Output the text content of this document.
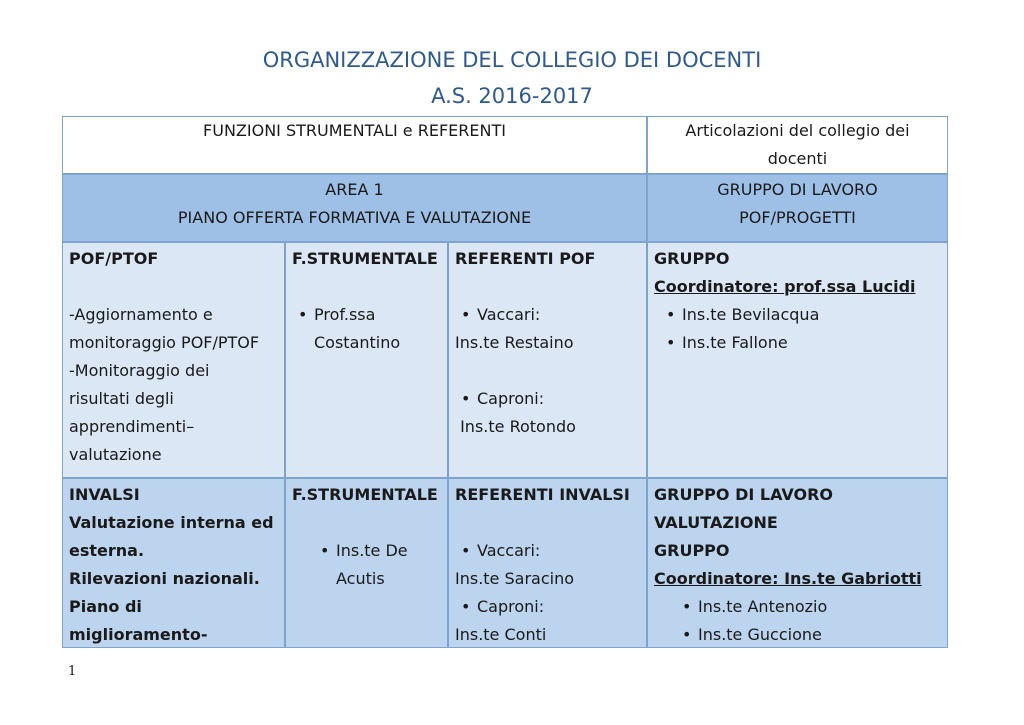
ORGANIZZAZIONE DEL COLLEGIO DEI DOCENTI
A.S. 2016-2017
FUNZIONI STRUMENTALI e REFERENTI	Articolazioni del collegio dei
docenti
AREA 1
PIANO OFFERTA FORMATIVA E VALUTAZIONE
GRUPPO DI LAVORO
POF/PROGETTI
POF/PTOF
-Aggiornamento e
monitoraggio POF/PTOF
-Monitoraggio dei
risultati degli
apprendimenti–
valutazione
F.STRUMENTALE
• Prof.ssa
Costantino
REFERENTI POF
• Vaccari:
Ins.te Restaino
• Caproni:
Ins.te Rotondo
GRUPPO
Coordinatore: prof.ssa Lucidi
• Ins.te Bevilacqua
• Ins.te Fallone
INVALSI
Valutazione interna ed
esterna.
Rilevazioni nazionali.
Piano di miglioramento-
F.STRUMENTALE
• Ins.te De
Acutis
REFERENTI INVALSI
• Vaccari:
Ins.te Saracino
• Caproni:
Ins.te Conti
GRUPPO DI LAVORO
VALUTAZIONE
GRUPPO
Coordinatore: Ins.te Gabriotti
• Ins.te Antenozio
• Ins.te Guccione
1
